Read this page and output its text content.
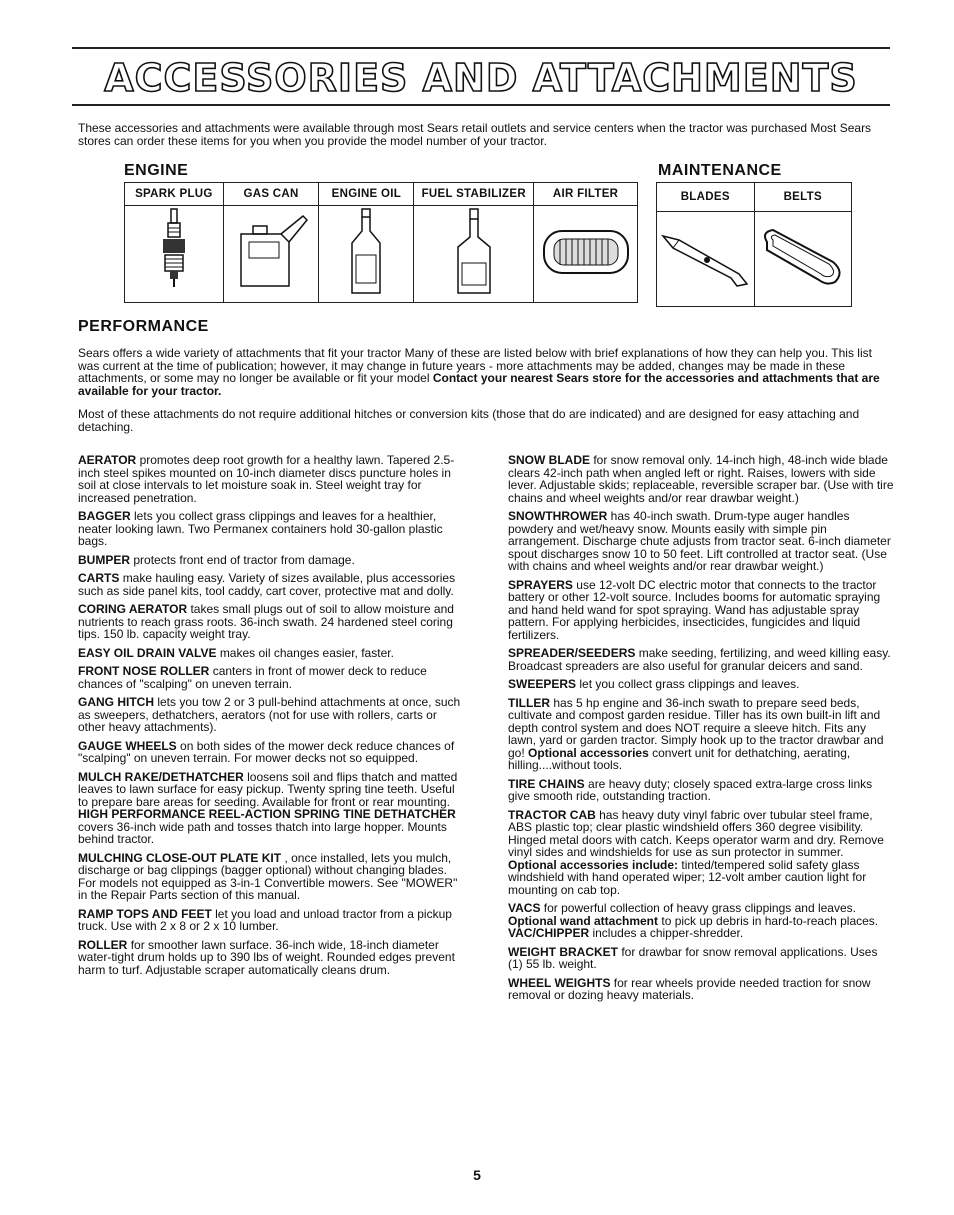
ACCESSORIES AND ATTACHMENTS
These accessories and attachments were available through most Sears retail outlets and service centers when the tractor was purchased Most Sears stores can order these items for you when you provide the model number of your tractor.
ENGINE	MAINTENANCE
SPARK PLUG	GAS CAN	ENGINE OIL	FUEL STABILIZER	AIR FILTER
					BLADES	BELTS

PERFORMANCE
Sears offers a wide variety of attachments that fit your tractor Many of these are listed below with brief explanations of how they can help you. This list was current at the time of publication; however, it may change in future years - more attachments may be added, changes may be made in these attachments, or some may no longer be available or fit your model Contact your nearest Sears store for the accessories and attachments that are available for your tractor.
Most of these attachments do not require additional hitches or conversion kits (those that do are indicated) and are designed for easy attaching and detaching.

AERATOR promotes deep root growth for a healthy lawn. Tapered 2.5-inch steel spikes mounted on 10-inch diameter discs puncture holes in soil at close intervals to let moisture soak in. Steel weight tray for increased penetration.

BAGGER lets you collect grass clippings and leaves for a healthier, neater looking lawn. Two Permanex containers hold 30-gallon plastic bags.

BUMPER protects front end of tractor from damage.

CARTS make hauling easy. Variety of sizes available, plus accessories such as side panel kits, tool caddy, cart cover, protective mat and dolly.

CORING AERATOR takes small plugs out of soil to allow moisture and nutrients to reach grass roots. 36-inch swath. 24 hardened steel coring tips. 150 lb. capacity weight tray.

EASY OIL DRAIN VALVE makes oil changes easier, faster.

FRONT NOSE ROLLER canters in front of mower deck to reduce chances of "scalping" on uneven terrain.

GANG HITCH lets you tow 2 or 3 pull-behind attachments at once, such as sweepers, dethatchers, aerators (not for use with rollers, carts or other heavy attachments).

GAUGE WHEELS on both sides of the mower deck reduce chances of "scalping" on uneven terrain. For mower decks not so equipped.

MULCH RAKE/DETHATCHER loosens soil and flips thatch and matted leaves to lawn surface for easy pickup. Twenty spring tine teeth. Useful to prepare bare areas for seeding. Available for front or rear mounting. HIGH PERFORMANCE REEL-ACTION SPRING TINE DETHATCHER covers 36-inch wide path and tosses thatch into large hopper. Mounts behind tractor.

MULCHING CLOSE-OUT PLATE KIT , once installed, lets you mulch, discharge or bag clippings (bagger optional) without changing blades. For models not equipped as 3-in-1 Convertible mowers. See "MOWER" in the Repair Parts section of this manual.

RAMP TOPS AND FEET let you load and unload tractor from a pickup truck. Use with 2 x 8 or 2 x 10 lumber.

ROLLER for smoother lawn surface. 36-inch wide, 18-inch diameter water-tight drum holds up to 390 lbs of weight. Rounded edges prevent harm to turf. Adjustable scraper automatically cleans drum.

SNOW BLADE for snow removal only. 14-inch high, 48-inch wide blade clears 42-inch path when angled left or right. Raises, lowers with side lever. Adjustable skids; replaceable, reversible scraper bar. (Use with tire chains and wheel weights and/or rear drawbar weight.)

SNOWTHROWER has 40-inch swath. Drum-type auger handles powdery and wet/heavy snow. Mounts easily with simple pin arrangement. Discharge chute adjusts from tractor seat. 6-inch diameter spout discharges snow 10 to 50 feet. Lift controlled at tractor seat. (Use with chains and wheel weights and/or rear drawbar weight.)

SPRAYERS use 12-volt DC electric motor that connects to the tractor battery or other 12-volt source. Includes booms for automatic spraying and hand held wand for spot spraying. Wand has adjustable spray pattern. For applying herbicides, insecticides, fungicides and liquid fertilizers.

SPREADER/SEEDERS make seeding, fertilizing, and weed killing easy. Broadcast spreaders are also useful for granular deicers and sand.

SWEEPERS let you collect grass clippings and leaves.

TILLER has 5 hp engine and 36-inch swath to prepare seed beds, cultivate and compost garden residue. Tiller has its own built-in lift and depth control system and does NOT require a sleeve hitch. Fits any lawn, yard or garden tractor. Simply hook up to the tractor drawbar and go! Optional accessories convert unit for dethatching, aerating, hilling....without tools.

TIRE CHAINS are heavy duty; closely spaced extra-large cross links give smooth ride, outstanding traction.

TRACTOR CAB has heavy duty vinyl fabric over tubular steel frame, ABS plastic top; clear plastic windshield offers 360 degree visibility. Hinged metal doors with catch. Keeps operator warm and dry. Remove vinyl sides and windshields for use as sun protector in summer. Optional accessories include: tinted/tempered solid safety glass windshield with hand operated wiper; 12-volt amber caution light for mounting on cab top.

VACS for powerful collection of heavy grass clippings and leaves. Optional wand attachment to pick up debris in hard-to-reach places. VAC/CHIPPER includes a chipper-shredder.

WEIGHT BRACKET for drawbar for snow removal applications. Uses (1) 55 lb. weight.

WHEEL WEIGHTS for rear wheels provide needed traction for snow removal or dozing heavy materials.

5
